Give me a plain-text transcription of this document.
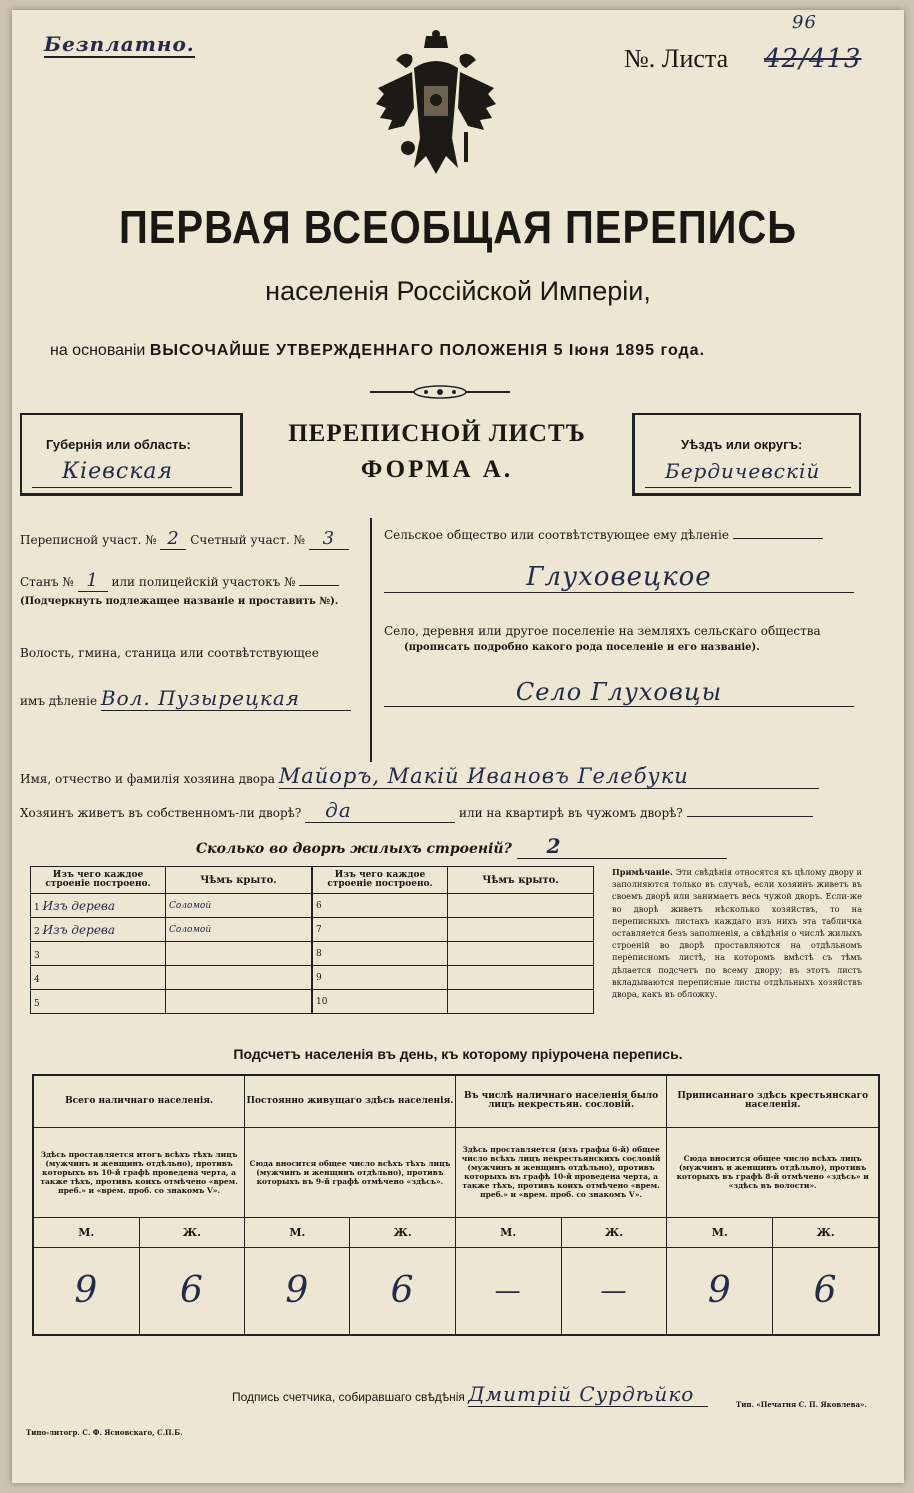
Безплатно.	№. Листа 42/413
96
ПЕРВАЯ ВСЕОБЩАЯ ПЕРЕПИСЬ
населенія Россійской Имперіи,
на основаніи ВЫСОЧАЙШЕ УТВЕРЖДЕННАГО ПОЛОЖЕНІЯ 5 Іюня 1895 года.
Губернія или область:
Кіевская
ПЕРЕПИСНОЙ ЛИСТЪ
ФОРМА А.
Уѣздъ или округъ:
Бердичевскій
Переписной участ. № 2 Счетный участ. № 3
Станъ № 1 или полицейскій участокъ №
(Подчеркнуть подлежащее названіе и проставить №).
Волость, гмина, станица или соотвѣтствующее
имъ дѣленіе Вол. Пузырецкая
Сельское общество или соотвѣтствующее ему дѣленіе
Глуховецкое
Село, деревня или другое поселеніе на земляхъ сельскаго общества
(прописать подробно какого рода поселеніе и его названіе).
Село Глуховцы
Имя, отчество и фамилія хозяина двора Майоръ, Макій Ивановъ Гелебуки
Хозяинъ живетъ въ собственномъ-ли дворѣ? да	или на квартирѣ въ чужомъ дворѣ?
Сколько во дворѣ жилыхъ строеній? 2
Изъ чего каждое строеніе построено.	Чѣмъ крыто.
1 Изъ дерева	Соломой
2 Изъ дерева	Соломой
3	
4	
5	
Изъ чего каждое строеніе построено.	Чѣмъ крыто.
6	
7	
8	
9	
10	
Примѣчаніе. Эти свѣдѣнія относятся къ цѣлому двору и заполняются только въ случаѣ, если хозяинъ живетъ въ своемъ дворѣ или занимаетъ весь чужой дворъ. Если-же во дворѣ живетъ нѣсколько хозяйствъ, то на переписныхъ листахъ каждаго изъ нихъ эта табличка оставляется безъ заполненія, а свѣдѣнія о числѣ жилыхъ строеній во дворѣ проставляются на отдѣльномъ переписномъ листѣ, на которомъ вмѣстѣ съ тѣмъ дѣлается подсчетъ по всему двору; въ этотъ листъ вкладываются переписные листы отдѣльныхъ хозяйствъ двора, какъ въ обложку.
Подсчетъ населенія въ день, къ которому пріурочена перепись.
Всего наличнаго населенія.		Постоянно живущаго здѣсь населенія.		Въ числѣ наличнаго населенія было лицъ некрестьян. сословій.		Приписаннаго здѣсь крестьянскаго населенія.	
Здѣсь проставляется итогъ всѣхъ тѣхъ лицъ (мужчинъ и женщинъ отдѣльно), противъ которыхъ въ 10-й графѣ проведена черта, а также тѣхъ, противъ коихъ отмѣчено «врем. преб.» и «врем. проб. со знакомъ V».		Сюда вносится общее число всѣхъ тѣхъ лицъ (мужчинъ и женщинъ отдѣльно), противъ которыхъ въ 9-й графѣ отмѣчено «здѣсь».		Здѣсь проставляется (изъ графы 6-й) общее число всѣхъ лицъ некрестьянскихъ сословій (мужчинъ и женщинъ отдѣльно), противъ которыхъ въ графѣ 10-й проведена черта, а также тѣхъ, противъ коихъ отмѣчено «врем. преб.» и «врем. проб. со знакомъ V».		Сюда вносится общее число всѣхъ лицъ (мужчинъ и женщинъ отдѣльно), противъ которыхъ въ графѣ 8-й отмѣчено «здѣсь» и «здѣсь въ волости».	
М.	Ж.	М.	Ж.	М.	Ж.	М.	Ж.
9	6	9	6	—	—	9	6
Подпись счетчика, собиравшаго свѣдѣнія Дмитрій Сурдѣйко
Типо-литогр. С. Ф. Ясновскаго, С.П.Б.
Тип. «Печатня С. П. Яковлева».
